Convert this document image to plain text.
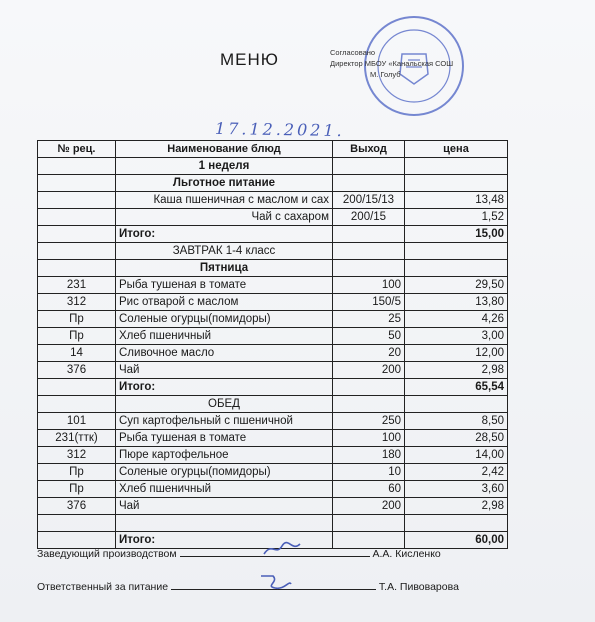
МЕНЮ	Согласовано
Директор МБОУ «Канальская СОШ
М. Голуб
17.12.2021.
№ рец.	Наименование блюд	Выход	цена
	1 неделя		
	Льготное питание		
	Каша пшеничная с маслом и сах	200/15/13	13,48
	Чай с сахаром	200/15	1,52
	Итого:		15,00
	ЗАВТРАК 1-4 класс		
	Пятница		
231	Рыба тушеная в томате	100	29,50
312	Рис отварой с маслом	150/5	13,80
Пр	Соленые огурцы(помидоры)	25	4,26
Пр	Хлеб пшеничный	50	3,00
14	Сливочное масло	20	12,00
376	Чай	200	2,98
	Итого:		65,54
	ОБЕД		
101	Суп картофельный с пшеничной	250	8,50
231(ттк)	Рыба тушеная в томате	100	28,50
312	Пюре картофельное	180	14,00
Пр	Соленые огурцы(помидоры)	10	2,42
Пр	Хлеб пшеничный	60	3,60
376	Чай	200	2,98

	Итого:		60,00
Заведующий производством	А.А. Кисленко
Ответственный за питание	Т.А. Пивоварова
